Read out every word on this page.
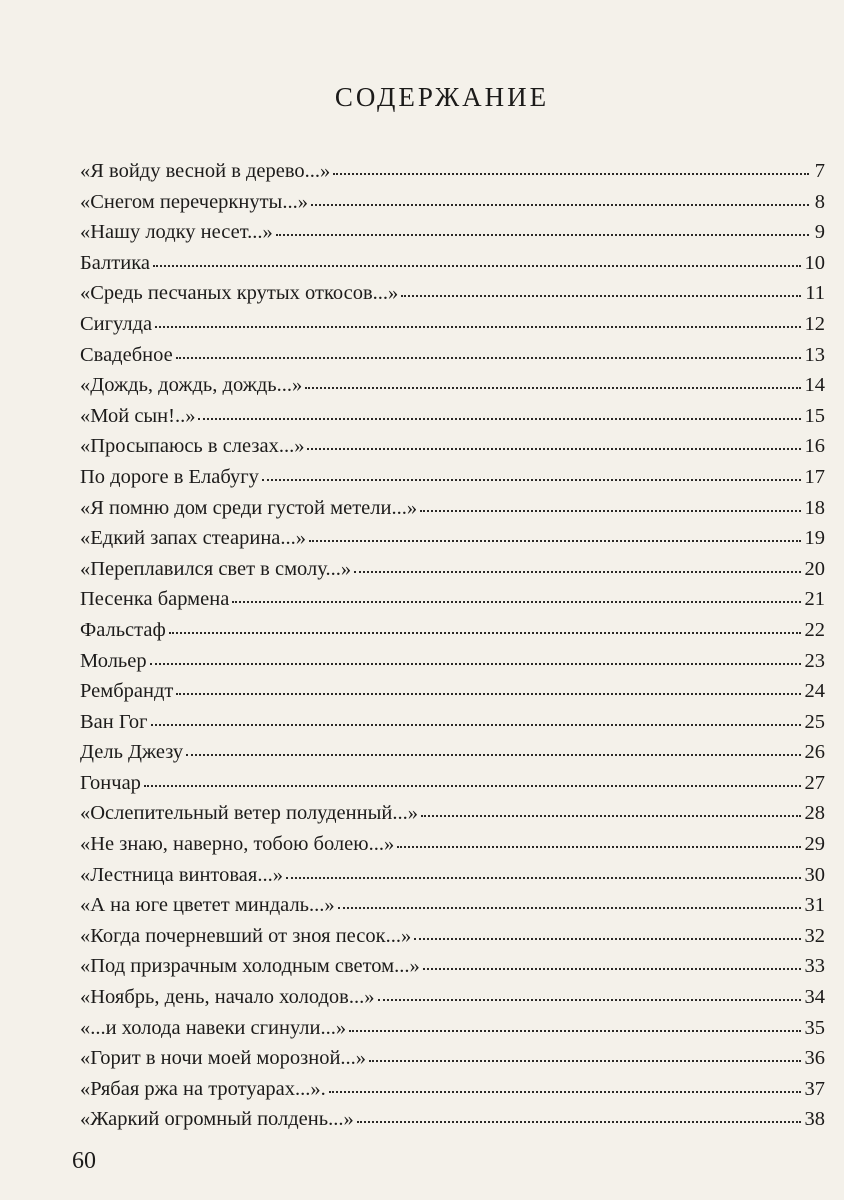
СОДЕРЖАНИЕ
«Я войду весной в дерево...»	7
«Снегом перечеркнуты...»	8
«Нашу лодку несет...»	9
Балтика	10
«Средь песчаных крутых откосов...»	11
Сигулда	12
Свадебное	13
«Дождь, дождь, дождь...»	14
«Мой сын!..»	15
«Просыпаюсь в слезах...»	16
По дороге в Елабугу	17
«Я помню дом среди густой метели...»	18
«Едкий запах стеарина...»	19
«Переплавился свет в смолу...»	20
Песенка бармена	21
Фальстаф	22
Мольер	23
Рембрандт	24
Ван Гог	25
Дель Джезу	26
Гончар	27
«Ослепительный ветер полуденный...»	28
«Не знаю, наверно, тобою болею...»	29
«Лестница винтовая...»	30
«А на юге цветет миндаль...»	31
«Когда почерневший от зноя песок...»	32
«Под призрачным холодным светом...»	33
«Ноябрь, день, начало холодов...»	34
«...и холода навеки сгинули...»	35
«Горит в ночи моей морозной...»	36
«Рябая ржа на тротуарах...».	37
«Жаркий огромный полдень...»	38

60
